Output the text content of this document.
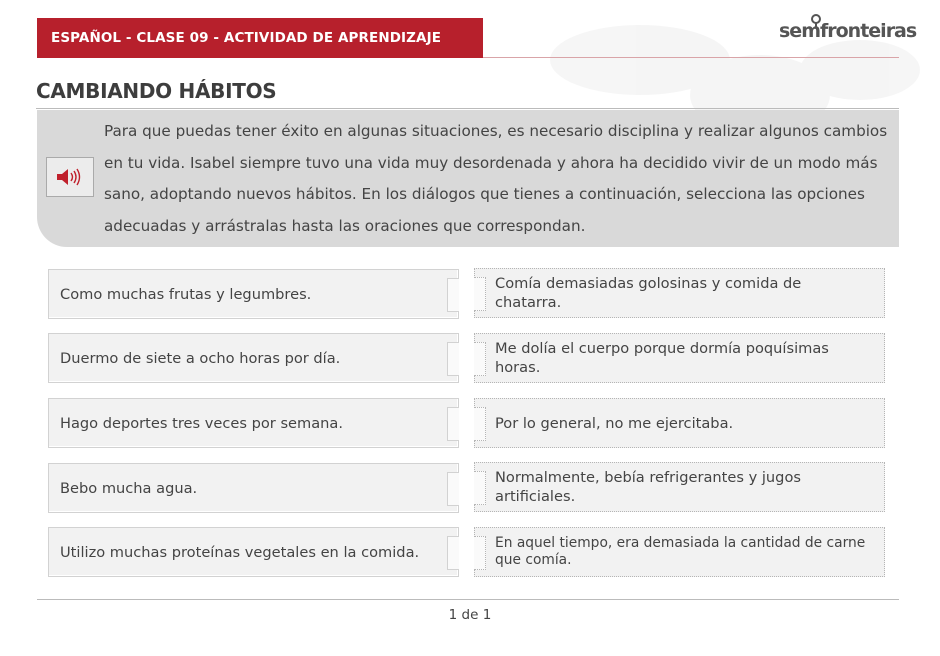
ESPAÑOL - CLASE 09 - ACTIVIDAD DE APRENDIZAJE	semfronteiras
CAMBIANDO HÁBITOS

Para que puedas tener éxito en algunas situaciones, es necesario disciplina y realizar algunos cambios en tu vida. Isabel siempre tuvo una vida muy desordenada y ahora ha decidido vivir de un modo más sano, adoptando nuevos hábitos. En los diálogos que tienes a continuación, selecciona las opciones adecuadas y arrástralas hasta las oraciones que correspondan.

Como muchas frutas y legumbres.
Duermo de siete a ocho horas por día.
Hago deportes tres veces por semana.
Bebo mucha agua.
Utilizo muchas proteínas vegetales en la comida.
Comía demasiadas golosinas y comida de chatarra.
Me dolía el cuerpo porque dormía poquísimas horas.
Por lo general, no me ejercitaba.
Normalmente, bebía refrigerantes y jugos artificiales.
En aquel tiempo, era demasiada la cantidad de carne que comía.
1 de 1
